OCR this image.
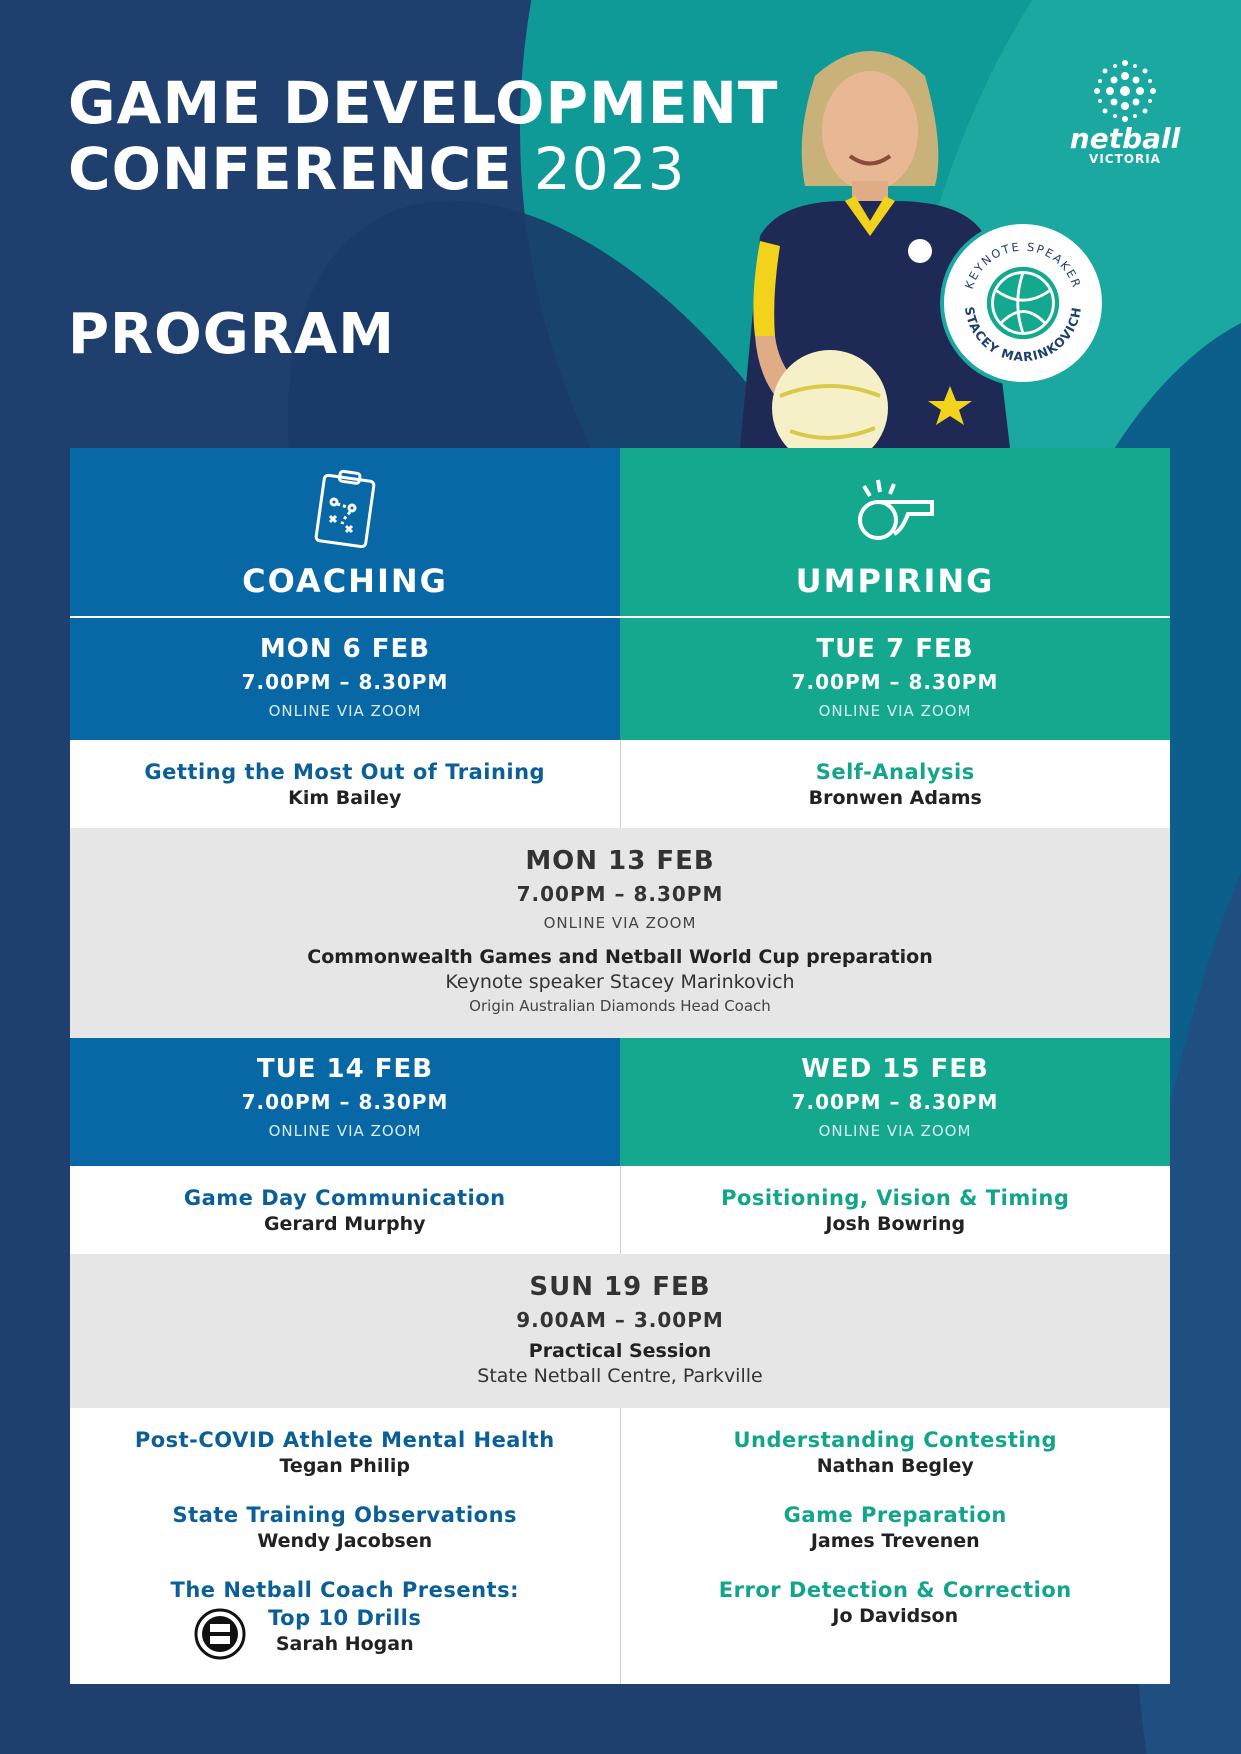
GAME DEVELOPMENT
CONFERENCE 2023
PROGRAM
netball
VICTORIA
KEYNOTE SPEAKER
STACEY MARINKOVICH
COACHING	UMPIRING
MON 6 FEB
7.00PM – 8.30PM
ONLINE VIA ZOOM
TUE 7 FEB
7.00PM – 8.30PM
ONLINE VIA ZOOM
Getting the Most Out of Training
Kim Bailey
Self-Analysis
Bronwen Adams
MON 13 FEB
7.00PM – 8.30PM
ONLINE VIA ZOOM
Commonwealth Games and Netball World Cup preparation
Keynote speaker Stacey Marinkovich
Origin Australian Diamonds Head Coach
TUE 14 FEB
7.00PM – 8.30PM
ONLINE VIA ZOOM
WED 15 FEB
7.00PM – 8.30PM
ONLINE VIA ZOOM
Game Day Communication
Gerard Murphy
Positioning, Vision & Timing
Josh Bowring
SUN 19 FEB
9.00AM – 3.00PM
Practical Session
State Netball Centre, Parkville
Post-COVID Athlete Mental Health
Tegan Philip
State Training Observations
Wendy Jacobsen
The Netball Coach Presents:
Top 10 Drills
Sarah Hogan
Understanding Contesting
Nathan Begley
Game Preparation
James Trevenen
Error Detection & Correction
Jo Davidson
